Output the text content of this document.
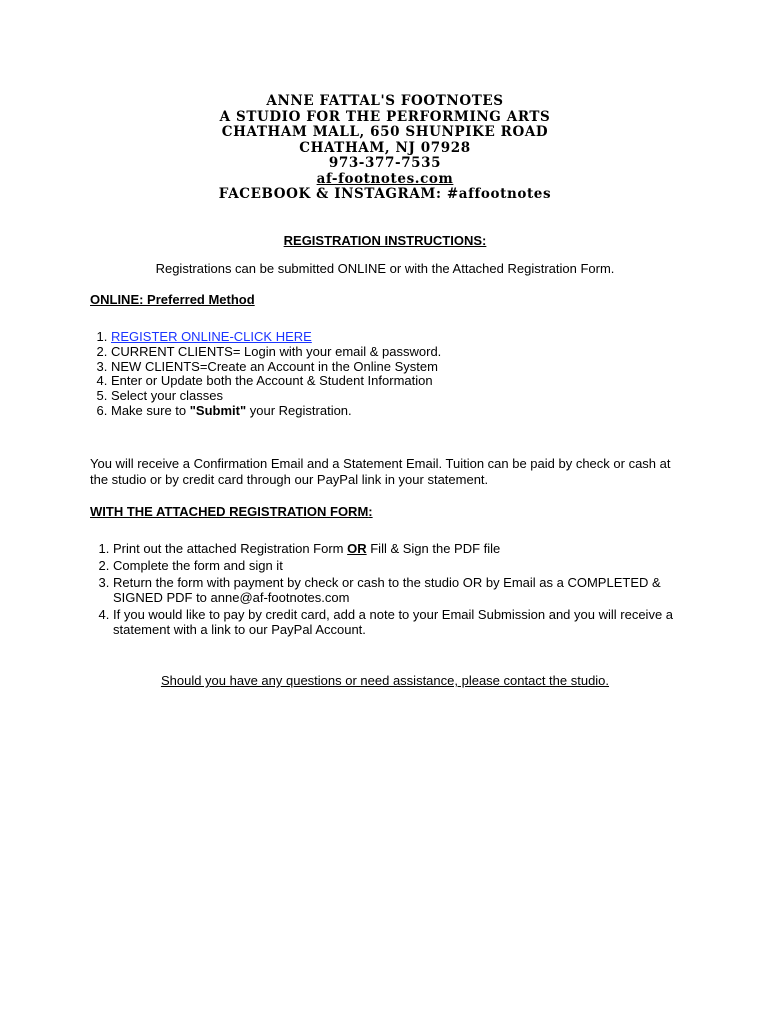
ANNE FATTAL'S FOOTNOTES
A STUDIO FOR THE PERFORMING ARTS
CHATHAM MALL, 650 SHUNPIKE ROAD
CHATHAM, NJ 07928
973-377-7535
af-footnotes.com
FACEBOOK & INSTAGRAM: #affootnotes
REGISTRATION INSTRUCTIONS:
Registrations can be submitted ONLINE or with the Attached Registration Form.
ONLINE: Preferred Method
1. REGISTER ONLINE-CLICK HERE
2. CURRENT CLIENTS= Login with your email & password.
3. NEW CLIENTS=Create an Account in the Online System
4. Enter or Update both the Account & Student Information
5. Select your classes
6. Make sure to "Submit" your Registration.
You will receive a Confirmation Email and a Statement Email. Tuition can be paid by check or cash at the studio or by credit card through our PayPal link in your statement.
WITH THE ATTACHED REGISTRATION FORM:
1. Print out the attached Registration Form OR Fill & Sign the PDF file
2. Complete the form and sign it
3. Return the form with payment by check or cash to the studio OR by Email as a COMPLETED & SIGNED PDF to anne@af-footnotes.com
4. If you would like to pay by credit card, add a note to your Email Submission and you will receive a statement with a link to our PayPal Account.
Should you have any questions or need assistance, please contact the studio.
